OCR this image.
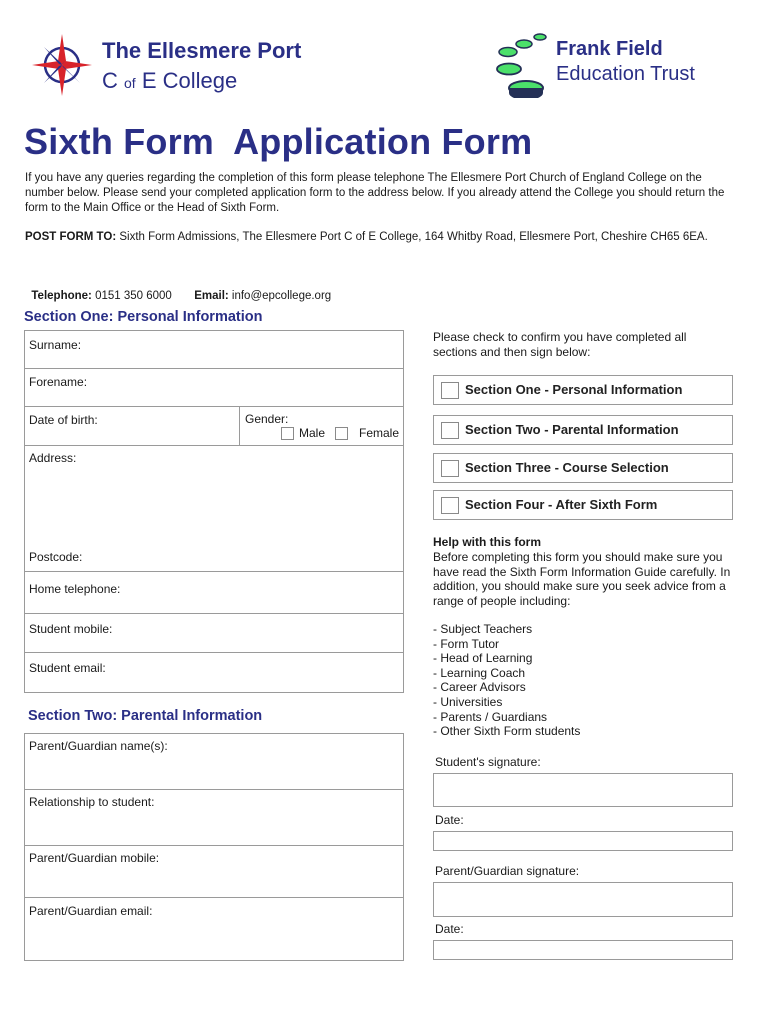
The Ellesmere Port
C of E College
Frank Field
Education Trust
Sixth Form  Application Form
If you have any queries regarding the completion of this form please telephone The Ellesmere Port Church of England College on the number below. Please send your completed application form to the address below. If you already attend the College you should return the form to the Main Office or the Head of Sixth Form.
POST FORM TO: Sixth Form Admissions, The Ellesmere Port C of E College, 164 Whitby Road, Ellesmere Port, Cheshire CH65 6EA.

Telephone: 0151 350 6000 Email: info@epcollege.org

Section One: Personal Information
Surname:
Forename:
Date of birth:	Gender:
Male	Female
Address:
Postcode:
Home telephone:
Student mobile:
Student email:
Section Two: Parental Information
Parent/Guardian name(s):
Relationship to student:
Parent/Guardian mobile:
Parent/Guardian email:
Please check to confirm you have completed all sections and then sign below:
Section One - Personal Information
Section Two - Parental Information
Section Three - Course Selection
Section Four - After Sixth Form
Help with this form
Before completing this form you should make sure you have read the Sixth Form Information Guide carefully. In addition, you should make sure you seek advice from a range of people including:
- Subject Teachers
- Form Tutor
- Head of Learning
- Learning Coach
- Career Advisors
- Universities
- Parents / Guardians
- Other Sixth Form students
Student's signature:
Date:
Parent/Guardian signature:
Date:
